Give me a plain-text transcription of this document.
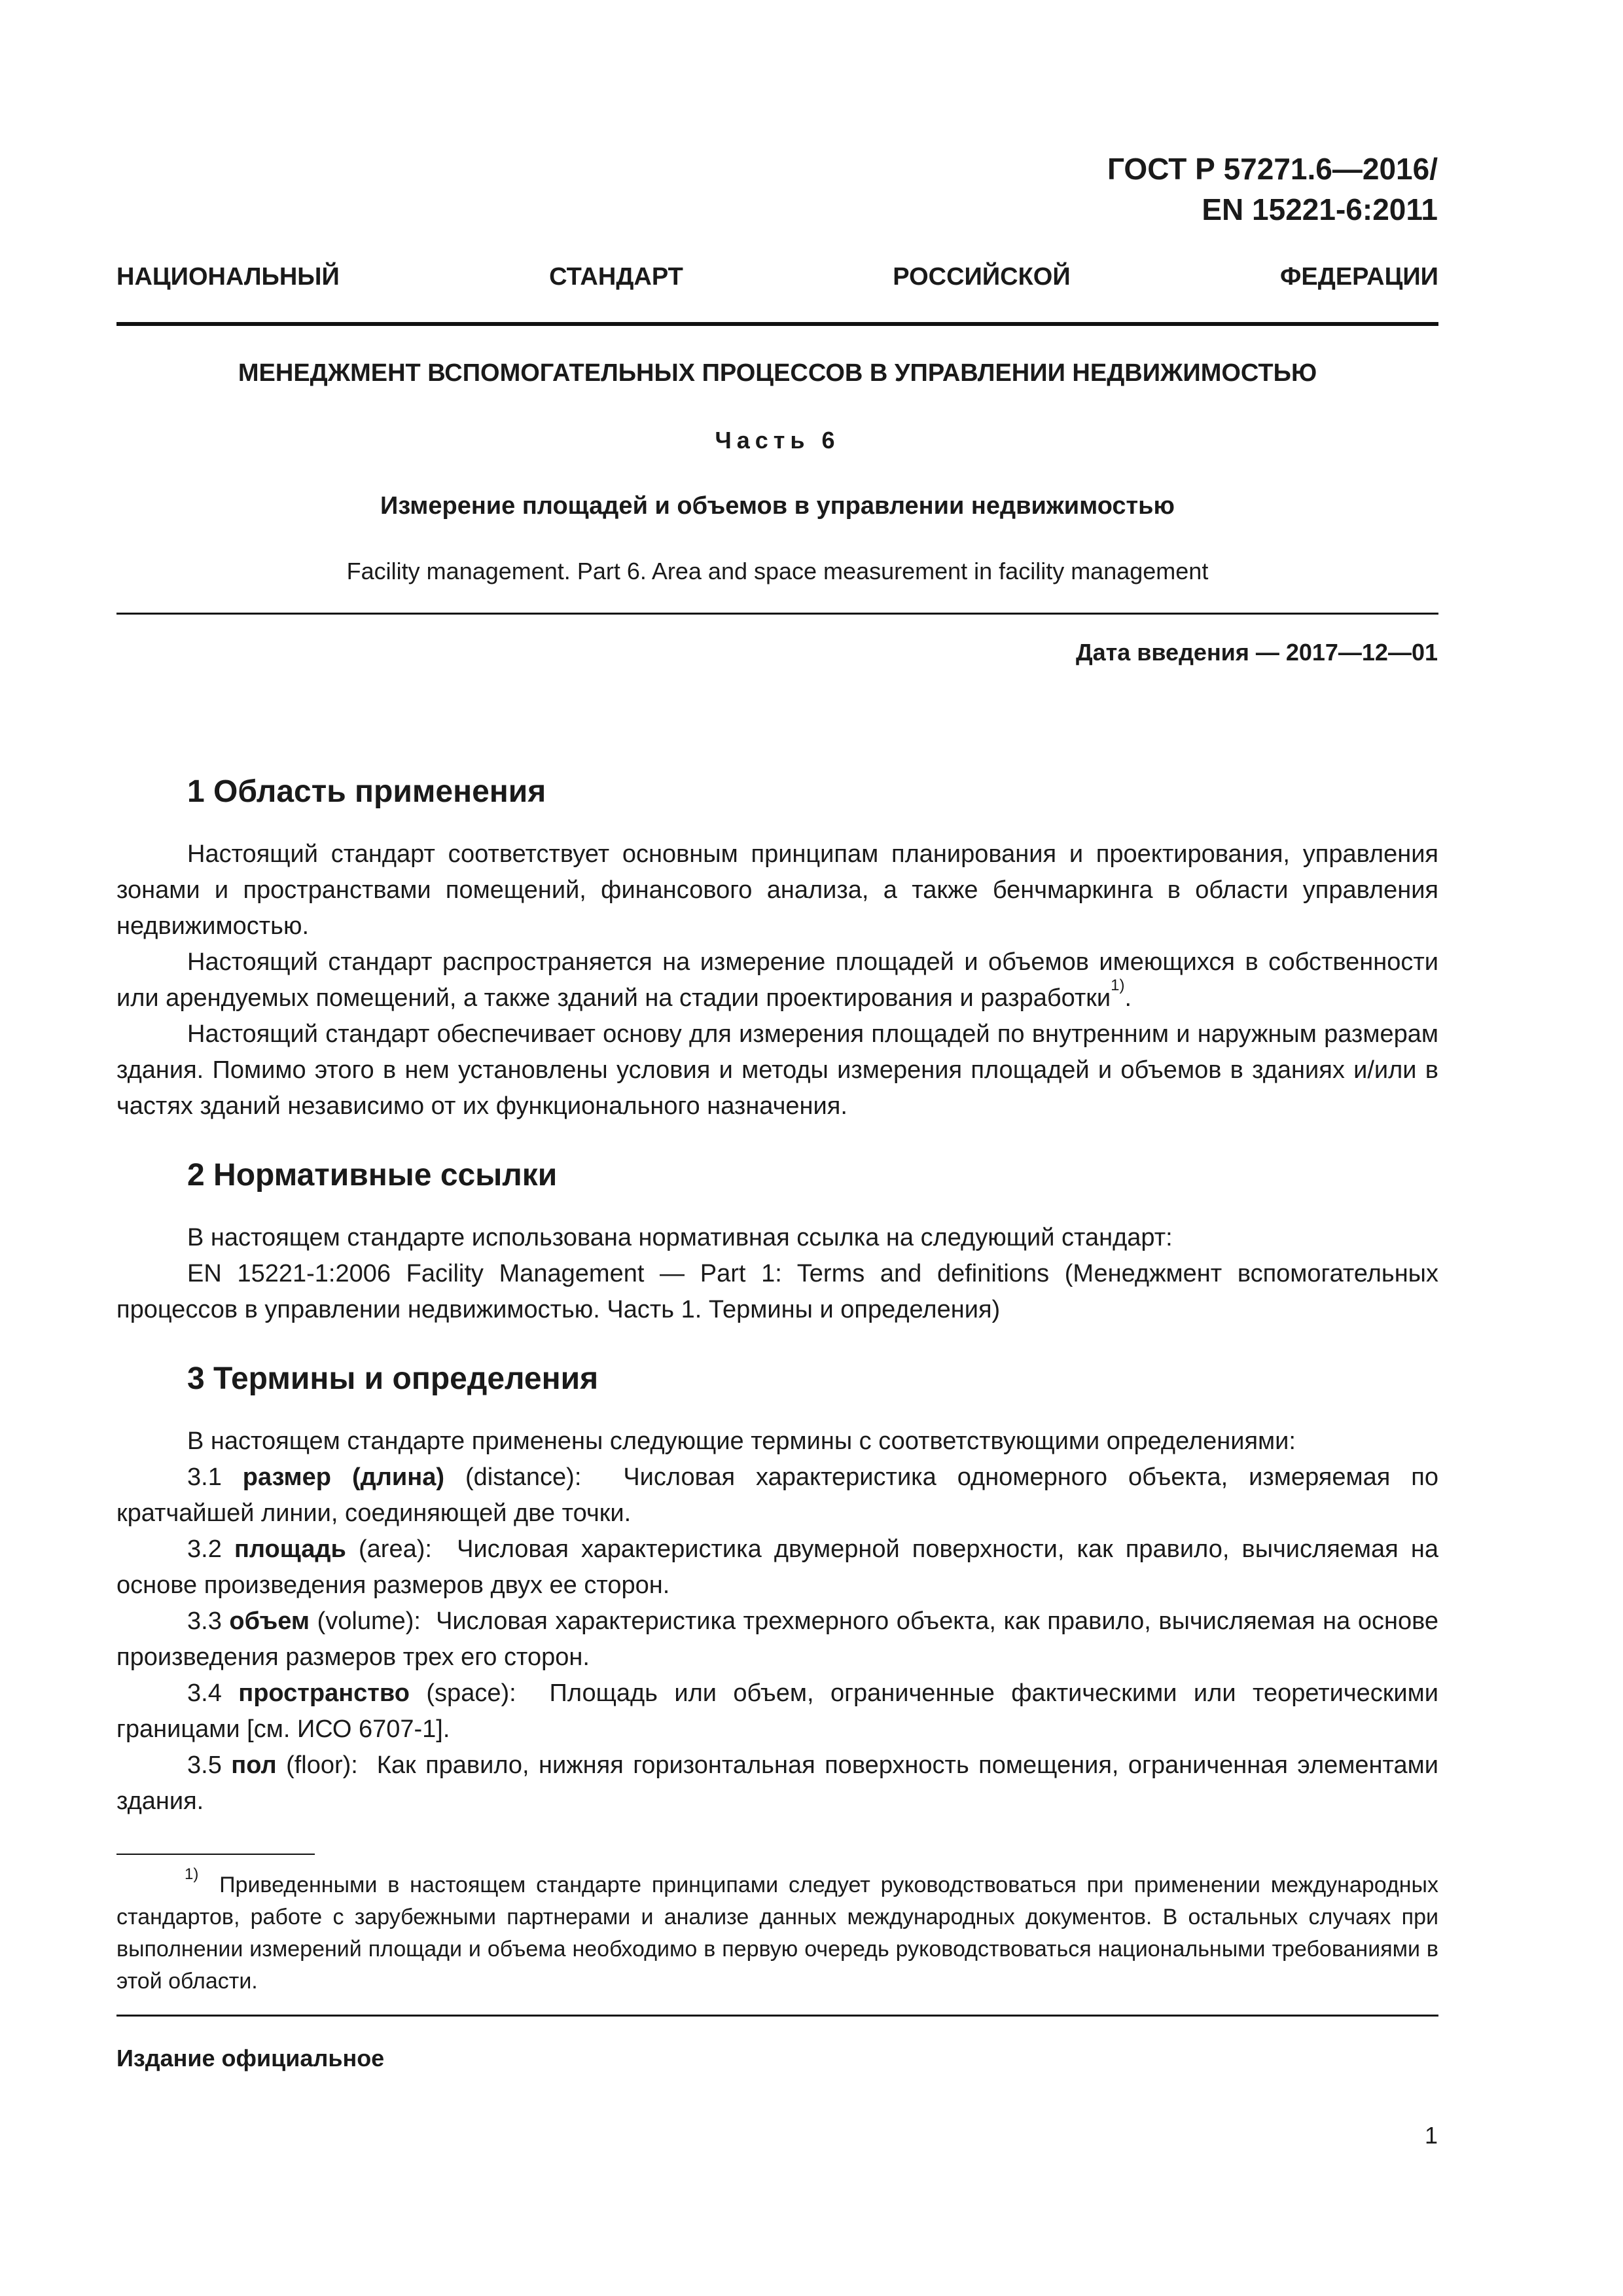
ГОСТ Р 57271.6—2016/
EN 15221-6:2011
НАЦИОНАЛЬНЫЙ СТАНДАРТ РОССИЙСКОЙ ФЕДЕРАЦИИ
МЕНЕДЖМЕНТ ВСПОМОГАТЕЛЬНЫХ ПРОЦЕССОВ В УПРАВЛЕНИИ НЕДВИЖИМОСТЬЮ
Часть 6
Измерение площадей и объемов в управлении недвижимостью
Facility management. Part 6. Area and space measurement in facility management
Дата введения — 2017—12—01
1 Область применения

Настоящий стандарт соответствует основным принципам планирования и проектирования, управления зонами и пространствами помещений, финансового анализа, а также бенчмаркинга в области управления недвижимостью.

Настоящий стандарт распространяется на измерение площадей и объемов имеющихся в собственности или арендуемых помещений, а также зданий на стадии проектирования и разработки$^{1)}$.

Настоящий стандарт обеспечивает основу для измерения площадей по внутренним и наружным размерам здания. Помимо этого в нем установлены условия и методы измерения площадей и объемов в зданиях и/или в частях зданий независимо от их функционального назначения.

2 Нормативные ссылки

В настоящем стандарте использована нормативная ссылка на следующий стандарт:

EN 15221-1:2006 Facility Management — Part 1: Terms and definitions (Менеджмент вспомогательных процессов в управлении недвижимостью. Часть 1. Термины и определения)

3 Термины и определения

В настоящем стандарте применены следующие термины с соответствующими определениями:

3.1 размер (длина) (distance): Числовая характеристика одномерного объекта, измеряемая по кратчайшей линии, соединяющей две точки.

3.2 площадь (area): Числовая характеристика двумерной поверхности, как правило, вычисляемая на основе произведения размеров двух ее сторон.

3.3 объем (volume): Числовая характеристика трехмерного объекта, как правило, вычисляемая на основе произведения размеров трех его сторон.

3.4 пространство (space): Площадь или объем, ограниченные фактическими или теоретическими границами [см. ИСО 6707-1].

3.5 пол (floor): Как правило, нижняя горизонтальная поверхность помещения, ограниченная элементами здания.

$^{1)}$ Приведенными в настоящем стандарте принципами следует руководствоваться при применении международных стандартов, работе с зарубежными партнерами и анализе данных международных документов. В остальных случаях при выполнении измерений площади и объема необходимо в первую очередь руководствоваться национальными требованиями в этой области.
Издание официальное
1
